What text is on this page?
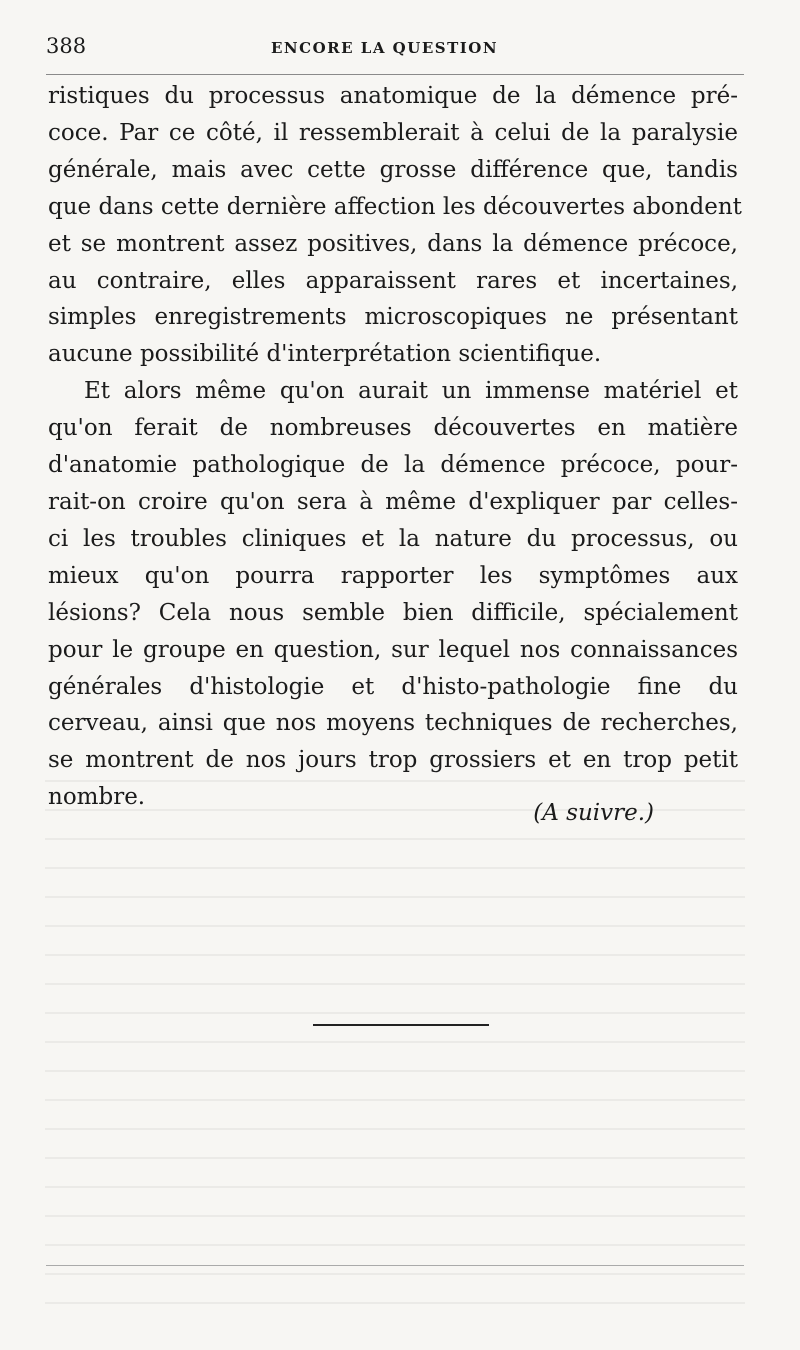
388	ENCORE LA QUESTION
ristiques du processus anatomique de la démence pré-
coce. Par ce côté, il ressemblerait à celui de la paralysie
générale, mais avec cette grosse différence que, tandis
que dans cette dernière affection les découvertes abondent
et se montrent assez positives, dans la démence précoce,
au contraire, elles apparaissent rares et incertaines,
simples enregistrements microscopiques ne présentant
aucune possibilité d'interprétation scientifique.
Et alors même qu'on aurait un immense matériel et
qu'on ferait de nombreuses découvertes en matière
d'anatomie pathologique de la démence précoce, pour-
rait-on croire qu'on sera à même d'expliquer par celles-
ci les troubles cliniques et la nature du processus, ou
mieux qu'on pourra rapporter les symptômes aux
lésions? Cela nous semble bien difficile, spécialement
pour le groupe en question, sur lequel nos connaissances
générales d'histologie et d'histo-pathologie fine du
cerveau, ainsi que nos moyens techniques de recherches,
se montrent de nos jours trop grossiers et en trop petit
nombre.
(A suivre.)
